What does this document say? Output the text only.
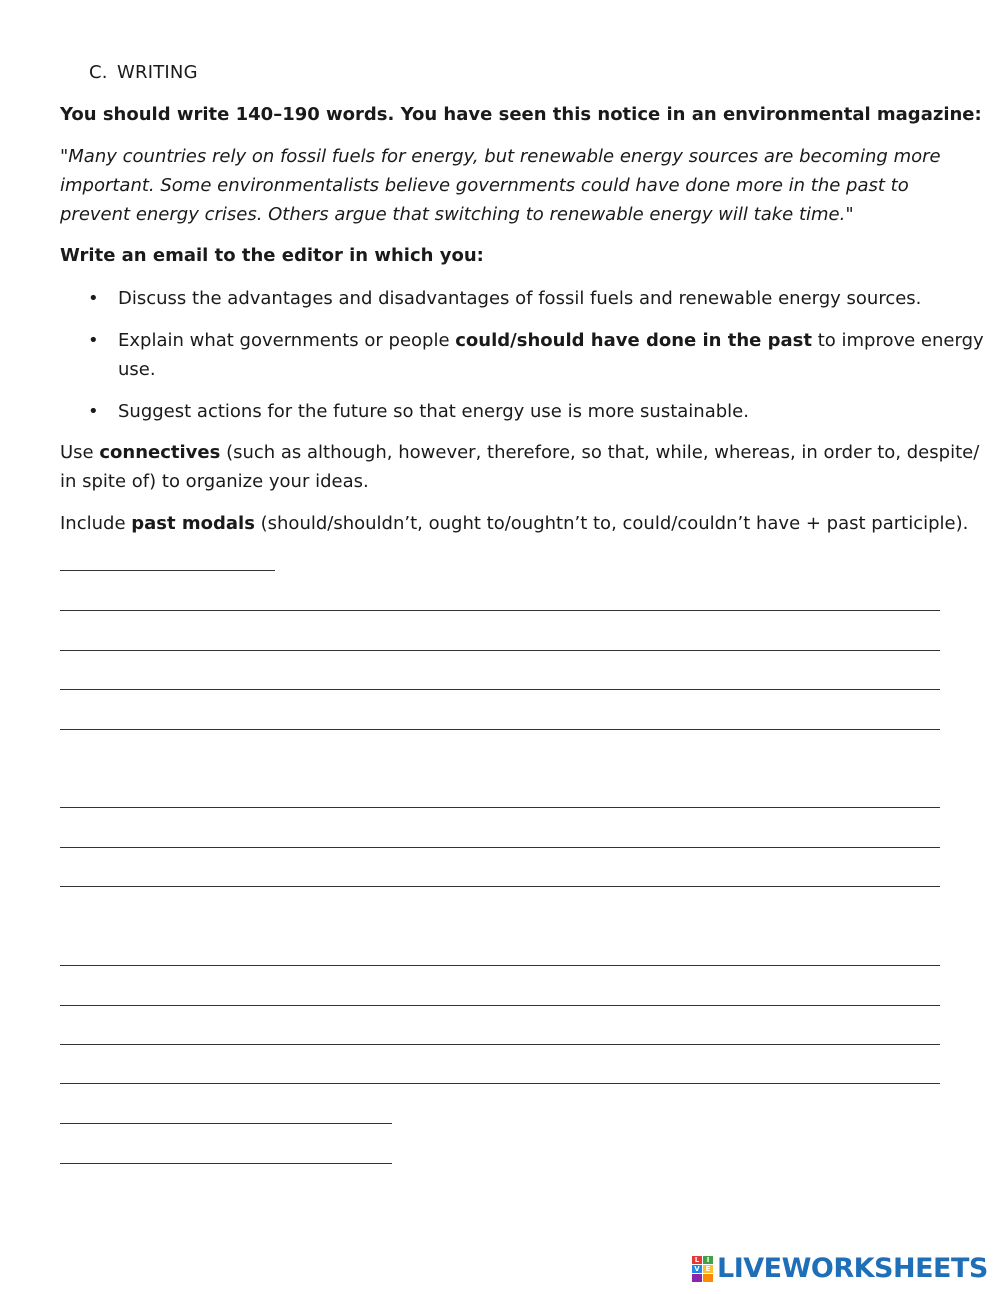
C. WRITING
You should write 140–190 words. You have seen this notice in an environmental magazine:
"Many countries rely on fossil fuels for energy, but renewable energy sources are becoming more
important. Some environmentalists believe governments could have done more in the past to
prevent energy crises. Others argue that switching to renewable energy will take time."
Write an email to the editor in which you:
• Discuss the advantages and disadvantages of fossil fuels and renewable energy sources.
• Explain what governments or people could/should have done in the past to improve energy
use.
• Suggest actions for the future so that energy use is more sustainable.
Use connectives (such as although, however, therefore, so that, while, whereas, in order to, despite/
in spite of) to organize your ideas.
Include past modals (should/shouldn’t, ought to/oughtn’t to, could/couldn’t have + past participle).
L	I
V E LIVEWORKSHEETS
